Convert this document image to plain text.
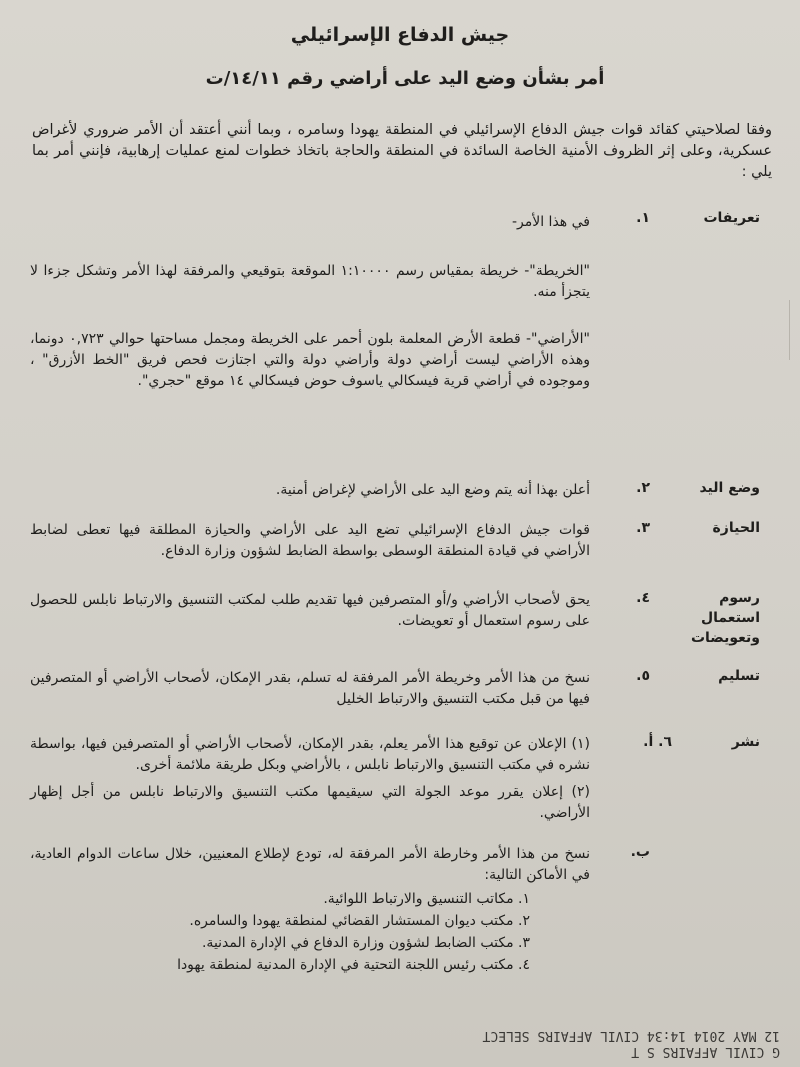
جيش الدفاع الإسرائيلي
أمر بشأن وضع اليد على أراضي رقم ١٤/١١/ت

وفقا لصلاحيتي كقائد قوات جيش الدفاع الإسرائيلي في المنطقة يهودا وسامره ، وبما أنني أعتقد أن الأمر ضروري لأغراض عسكرية، وعلى إثر الظروف الأمنية الخاصة السائدة في المنطقة والحاجة باتخاذ خطوات لمنع عمليات إرهابية، فإنني أمر بما يلي :

تعريفات
١.

في هذا الأمر-

"الخريطة"- خريطة بمقياس رسم ١:١٠٠٠٠ الموقعة بتوقيعي والمرفقة لهذا الأمر وتشكل جزءا لا يتجزأ منه.

"الأراضي"- قطعة الأرض المعلمة بلون أحمر على الخريطة ومجمل مساحتها حوالي ٠,٧٢٣ دونما، وهذه الأراضي ليست أراضي دولة وأراضي دولة والتي اجتازت فحص فريق "الخط الأزرق" ، وموجوده في أراضي قرية فيسكالي ياسوف حوض فيسكالي ١٤ موقع "حجري".

وضع اليد
٢.

أعلن بهذا أنه يتم وضع اليد على الأراضي لإغراض أمنية.

الحيازة
٣.

قوات جيش الدفاع الإسرائيلي تضع اليد على الأراضي والحيازة المطلقة فيها تعطى لضابط الأراضي في قيادة المنطقة الوسطى بواسطة الضابط لشؤون وزارة الدفاع.

رسوم استعمال وتعويضات
٤.

يحق لأصحاب الأراضي و/أو المتصرفين فيها تقديم طلب لمكتب التنسيق والارتباط نابلس للحصول على رسوم استعمال أو تعويضات.

تسليم
٥.

نسخ من هذا الأمر وخريطة الأمر المرفقة له تسلم، بقدر الإمكان، لأصحاب الأراضي أو المتصرفين فيها من قبل مكتب التنسيق والارتباط الخليل

نشر
٦. أ.

(١) الإعلان عن توقيع هذا الأمر يعلم، بقدر الإمكان، لأصحاب الأراضي أو المتصرفين فيها، بواسطة نشره في مكتب التنسيق والارتباط نابلس ، بالأراضي وبكل طريقة ملائمة أخرى.

(٢) إعلان يقرر موعد الجولة التي سيقيمها مكتب التنسيق والارتباط نابلس من أجل إظهار الأراضي.

ب.

نسخ من هذا الأمر وخارطة الأمر المرفقة له، تودع لإطلاع المعنيين، خلال ساعات الدوام العادية، في الأماكن التالية:

١. مكاتب التنسيق والارتباط اللوائية.
٢. مكتب ديوان المستشار القضائي لمنطقة يهودا والسامره.
٣. مكتب الضابط لشؤون وزارة الدفاع في الإدارة المدنية.
٤. مكتب رئيس اللجنة التحتية في الإدارة المدنية لمنطقة يهودا
G CIVIL AFFAIRS S T
12 MAY 2014 14:34 CIVIL AFFAIRS SELECT
